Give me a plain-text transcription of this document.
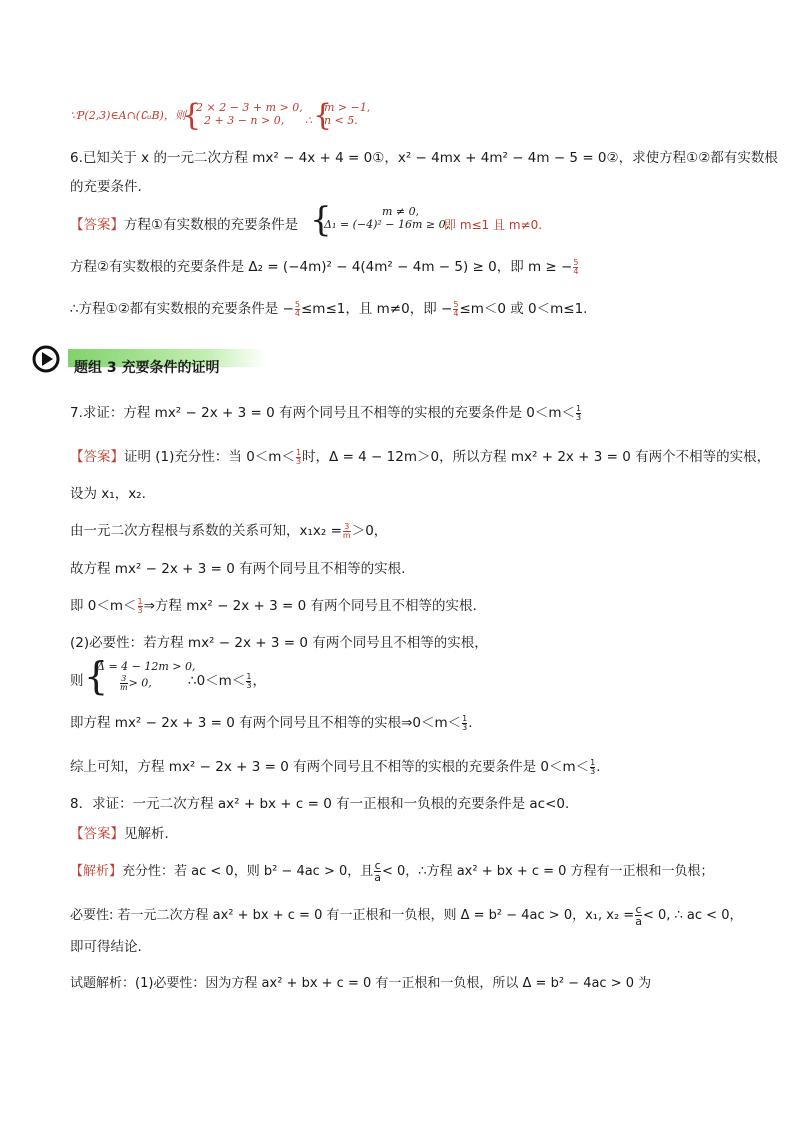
∵P(2,3)∈A∩(∁ᵤB)，则
{
2 × 2 − 3 + m > 0,
2 + 3 − n > 0,	∴ {
m > −1,
n < 5.
6.已知关于 x 的一元二次方程 mx² − 4x + 4 = 0①，x² − 4mx + 4m² − 4m − 5 = 0②，求使方程①②都有实数根
的充要条件.
【答案】方程①有实数根的充要条件是 {	m ≠ 0,
Δ₁ = (−4)² − 16m ≥ 0,
即 m≤1 且 m≠0.
方程②有实数根的充要条件是 Δ₂ = (−4m)² − 4(4m² − 4m − 5) ≥ 0，即 m ≥ − $\frac{5}{4}$
∴方程①②都有实数根的充要条件是 − $\frac{5}{4} \le m\le 1$，且 m≠0，即 − $\frac{5}{4} \le m<0$ 或 0＜m≤1.
题组 3 充要条件的证明
7.求证：方程 mx² − 2x + 3 = 0 有两个同号且不相等的实根的充要条件是 $0<m< \frac{1}{3}$
【答案】证明 (1)充分性：当 $0<m< \frac{1}{3}$ 时，Δ = 4 − 12m＞0，所以方程 mx² + 2x + 3 = 0 有两个不相等的实根，
设为 x₁，x₂.
由一元二次方程根与系数的关系可知，$x_1x_2 = \frac{3}{m} >0$，
故方程 mx² − 2x + 3 = 0 有两个同号且不相等的实根.
即 $0<m< \frac{1}{3}$ ⇒方程 mx² − 2x + 3 = 0 有两个同号且不相等的实根.
(2)必要性：若方程 mx² − 2x + 3 = 0 有两个同号且不相等的实根，
则 {
Δ = 4 − 12m > 0,
$\frac{3}{m} > 0$,	∴0＜m＜ $\frac{1}{3}$ ，
即方程 mx² − 2x + 3 = 0 有两个同号且不相等的实根⇒0＜m＜ $\frac{1}{3}$ .
综上可知，方程 mx² − 2x + 3 = 0 有两个同号且不相等的实根的充要条件是 $0<m< \frac{1}{3}$ .
8．求证：一元二次方程 ax² + bx + c = 0 有一正根和一负根的充要条件是 ac<0.
【答案】见解析．
【解析】充分性：若 ac < 0，则 b² − 4ac > 0，且 $\frac{c}{a} < 0$，∴方程 ax² + bx + c = 0 方程有一正根和一负根；
必要性: 若一元二次方程 ax² + bx + c = 0 有一正根和一负根，则 Δ = b² − 4ac > 0，x₁, $x_2 = \frac{c}{a} < 0$, ∴ ac < 0，
即可得结论.
试题解析：(1)必要性：因为方程 ax² + bx + c = 0 有一正根和一负根，所以 Δ = b² − 4ac > 0 为
